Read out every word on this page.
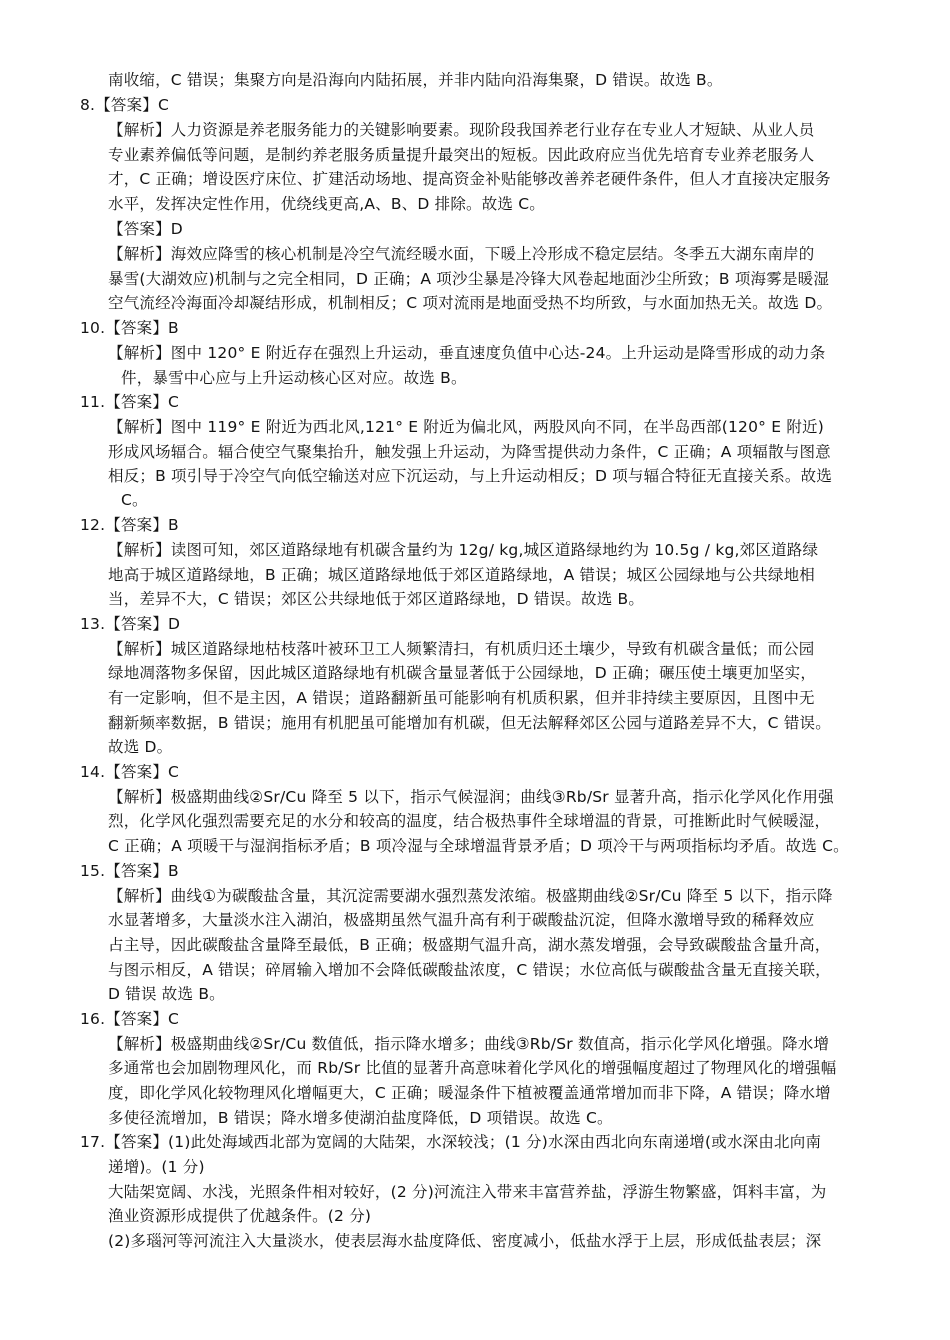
南收缩，C 错误；集聚方向是沿海向内陆拓展，并非内陆向沿海集聚，D 错误。故选 B。
8.【答案】C
【解析】人力资源是养老服务能力的关键影响要素。现阶段我国养老行业存在专业人才短缺、从业人员
专业素养偏低等问题，是制约养老服务质量提升最突出的短板。因此政府应当优先培育专业养老服务人
才，C 正确；增设医疗床位、扩建活动场地、提高资金补贴能够改善养老硬件条件，但人才直接决定服务
水平，发挥决定性作用，优绕线更高,A、B、D 排除。故选 C。
【答案】D
【解析】海效应降雪的核心机制是冷空气流经暖水面，下暖上冷形成不稳定层结。冬季五大湖东南岸的
暴雪(大湖效应)机制与之完全相同，D 正确；A 项沙尘暴是冷锋大风卷起地面沙尘所致；B 项海雾是暖湿
空气流经冷海面冷却凝结形成，机制相反；C 项对流雨是地面受热不均所致，与水面加热无关。故选 D。
10.【答案】B
【解析】图中 120° E 附近存在强烈上升运动，垂直速度负值中心达-24。上升运动是降雪形成的动力条
件，暴雪中心应与上升运动核心区对应。故选 B。
11.【答案】C
【解析】图中 119° E 附近为西北风,121° E 附近为偏北风，两股风向不同，在半岛西部(120° E 附近)
形成风场辐合。辐合使空气聚集抬升，触发强上升运动，为降雪提供动力条件，C 正确；A 项辐散与图意
相反；B 项引导于冷空气向低空输送对应下沉运动，与上升运动相反；D 项与辐合特征无直接关系。故选
C。
12.【答案】B
【解析】读图可知，郊区道路绿地有机碳含量约为 12g/ kg,城区道路绿地约为 10.5g / kg,郊区道路绿
地高于城区道路绿地，B 正确；城区道路绿地低于郊区道路绿地，A 错误；城区公园绿地与公共绿地相
当，差异不大，C 错误；郊区公共绿地低于郊区道路绿地，D 错误。故选 B。
13.【答案】D
【解析】城区道路绿地枯枝落叶被环卫工人频繁清扫，有机质归还土壤少，导致有机碳含量低；而公园
绿地凋落物多保留，因此城区道路绿地有机碳含量显著低于公园绿地，D 正确；碾压使土壤更加坚实，
有一定影响，但不是主因，A 错误；道路翻新虽可能影响有机质积累，但并非持续主要原因，且图中无
翻新频率数据，B 错误；施用有机肥虽可能增加有机碳，但无法解释郊区公园与道路差异不大，C 错误。
故选 D。
14.【答案】C
【解析】极盛期曲线②Sr/Cu 降至 5 以下，指示气候湿润；曲线③Rb/Sr 显著升高，指示化学风化作用强
烈，化学风化强烈需要充足的水分和较高的温度，结合极热事件全球增温的背景，可推断此时气候暖湿，
C 正确；A 项暖干与湿润指标矛盾；B 项冷湿与全球增温背景矛盾；D 项冷干与两项指标均矛盾。故选 C。
15.【答案】B
【解析】曲线①为碳酸盐含量，其沉淀需要湖水强烈蒸发浓缩。极盛期曲线②Sr/Cu 降至 5 以下，指示降
水显著增多，大量淡水注入湖泊，极盛期虽然气温升高有利于碳酸盐沉淀，但降水激增导致的稀释效应
占主导，因此碳酸盐含量降至最低，B 正确；极盛期气温升高，湖水蒸发增强，会导致碳酸盐含量升高，
与图示相反，A 错误；碎屑输入增加不会降低碳酸盐浓度，C 错误；水位高低与碳酸盐含量无直接关联，
D 错误 故选 B。
16.【答案】C
【解析】极盛期曲线②Sr/Cu 数值低，指示降水增多；曲线③Rb/Sr 数值高，指示化学风化增强。降水增
多通常也会加剧物理风化，而 Rb/Sr 比值的显著升高意味着化学风化的增强幅度超过了物理风化的增强幅
度，即化学风化较物理风化增幅更大，C 正确；暖湿条件下植被覆盖通常增加而非下降，A 错误；降水增
多使径流增加，B 错误；降水增多使湖泊盐度降低，D 项错误。故选 C。
17.【答案】(1)此处海域西北部为宽阔的大陆架，水深较浅；(1 分)水深由西北向东南递增(或水深由北向南
递增)。(1 分)
大陆架宽阔、水浅，光照条件相对较好，(2 分)河流注入带来丰富营养盐，浮游生物繁盛，饵料丰富，为
渔业资源形成提供了优越条件。(2 分)
(2)多瑙河等河流注入大量淡水，使表层海水盐度降低、密度减小，低盐水浮于上层，形成低盐表层；深
